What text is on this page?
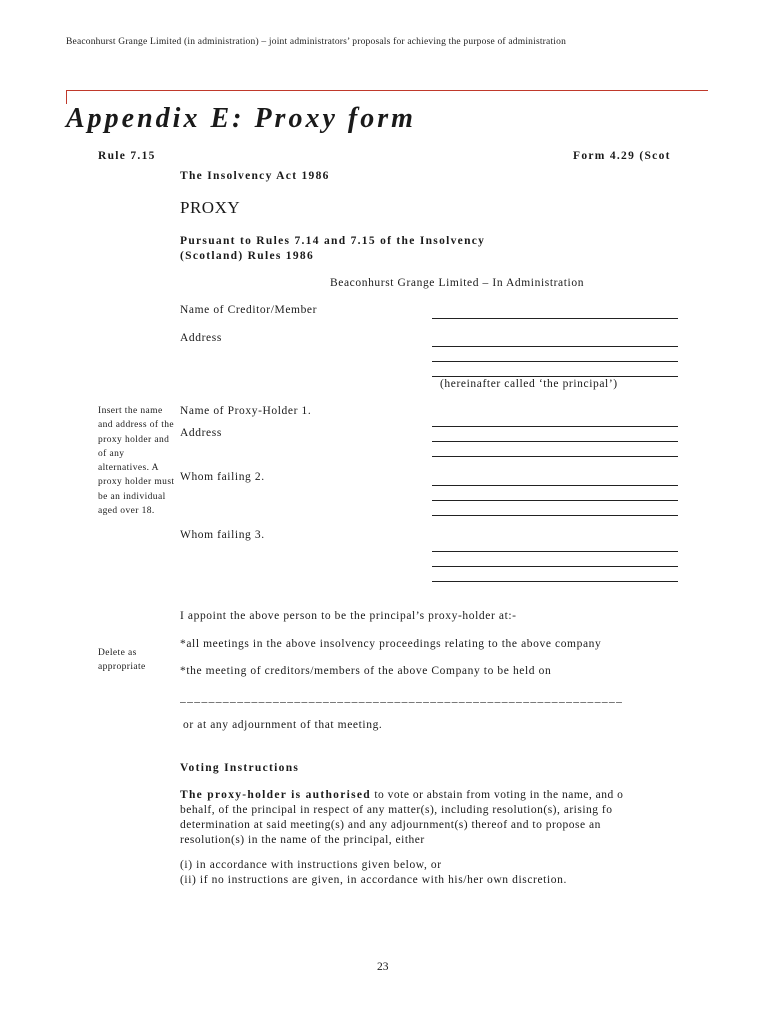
Beaconhurst Grange Limited (in administration) – joint administrators’ proposals for achieving the purpose of administration
Appendix E: Proxy form
Rule 7.15	Form 4.29 (Scot
The Insolvency Act 1986
PROXY
Pursuant to Rules 7.14 and 7.15 of the Insolvency
(Scotland) Rules 1986
Beaconhurst Grange Limited – In Administration
Name of Creditor/Member
Address
(hereinafter called ‘the principal’)
Insert the name and address of the proxy holder and of any alternatives. A proxy holder must be an individual aged over 18.
Name of Proxy-Holder 1.
Address
Whom failing 2.
Whom failing 3.
I appoint the above person to be the principal’s proxy-holder at:-
Delete as appropriate
*all meetings in the above insolvency proceedings relating to the above company
*the meeting of creditors/members of the above Company to be held on
______________________________________________________________
or at any adjournment of that meeting.
Voting Instructions
The proxy-holder is authorised to vote or abstain from voting in the name, and o
behalf, of the principal in respect of any matter(s), including resolution(s), arising fo
determination at said meeting(s) and any adjournment(s) thereof and to propose an
resolution(s) in the name of the principal, either
(i) in accordance with instructions given below, or
(ii) if no instructions are given, in accordance with his/her own discretion.
23
